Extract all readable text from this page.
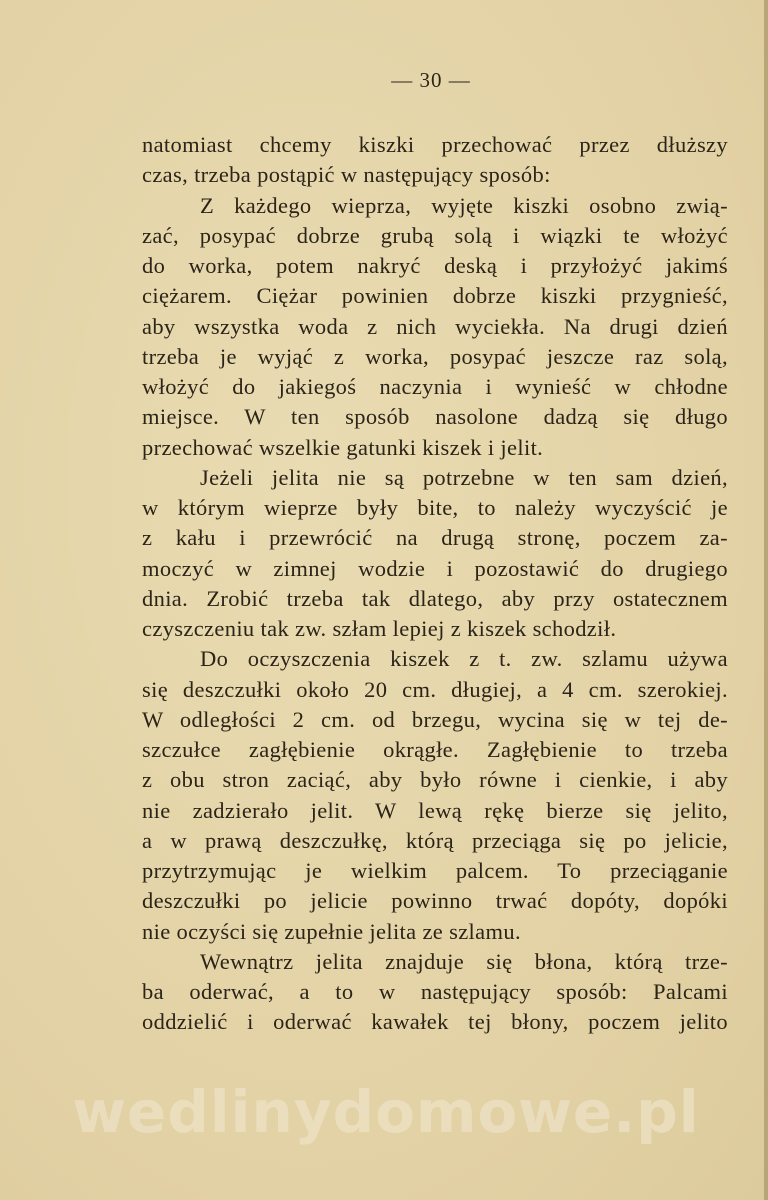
— 30 —
natomiast chcemy kiszki przechować przez dłuższy
czas, trzeba postąpić w następujący sposób:
Z każdego wieprza, wyjęte kiszki osobno zwią-
zać, posypać dobrze grubą solą i wiązki te włożyć
do worka, potem nakryć deską i przyłożyć jakimś
ciężarem. Ciężar powinien dobrze kiszki przygnieść,
aby wszystka woda z nich wyciekła. Na drugi dzień
trzeba je wyjąć z worka, posypać jeszcze raz solą,
włożyć do jakiegoś naczynia i wynieść w chłodne
miejsce. W ten sposób nasolone dadzą się długo
przechować wszelkie gatunki kiszek i jelit.
Jeżeli jelita nie są potrzebne w ten sam dzień,
w którym wieprze były bite, to należy wyczyścić je
z kału i przewrócić na drugą stronę, poczem za-
moczyć w zimnej wodzie i pozostawić do drugiego
dnia. Zrobić trzeba tak dlatego, aby przy ostatecznem
czyszczeniu tak zw. szłam lepiej z kiszek schodził.
Do oczyszczenia kiszek z t. zw. szlamu używa
się deszczułki około 20 cm. długiej, a 4 cm. szerokiej.
W odległości 2 cm. od brzegu, wycina się w tej de-
szczułce zagłębienie okrągłe. Zagłębienie to trzeba
z obu stron zaciąć, aby było równe i cienkie, i aby
nie zadzierało jelit. W lewą rękę bierze się jelito,
a w prawą deszczułkę, którą przeciąga się po jelicie,
przytrzymując je wielkim palcem. To przeciąganie
deszczułki po jelicie powinno trwać dopóty, dopóki
nie oczyści się zupełnie jelita ze szlamu.
Wewnątrz jelita znajduje się błona, którą trze-
ba oderwać, a to w następujący sposób: Palcami
oddzielić i oderwać kawałek tej błony, poczem jelito
wedlinydomowe.pl
